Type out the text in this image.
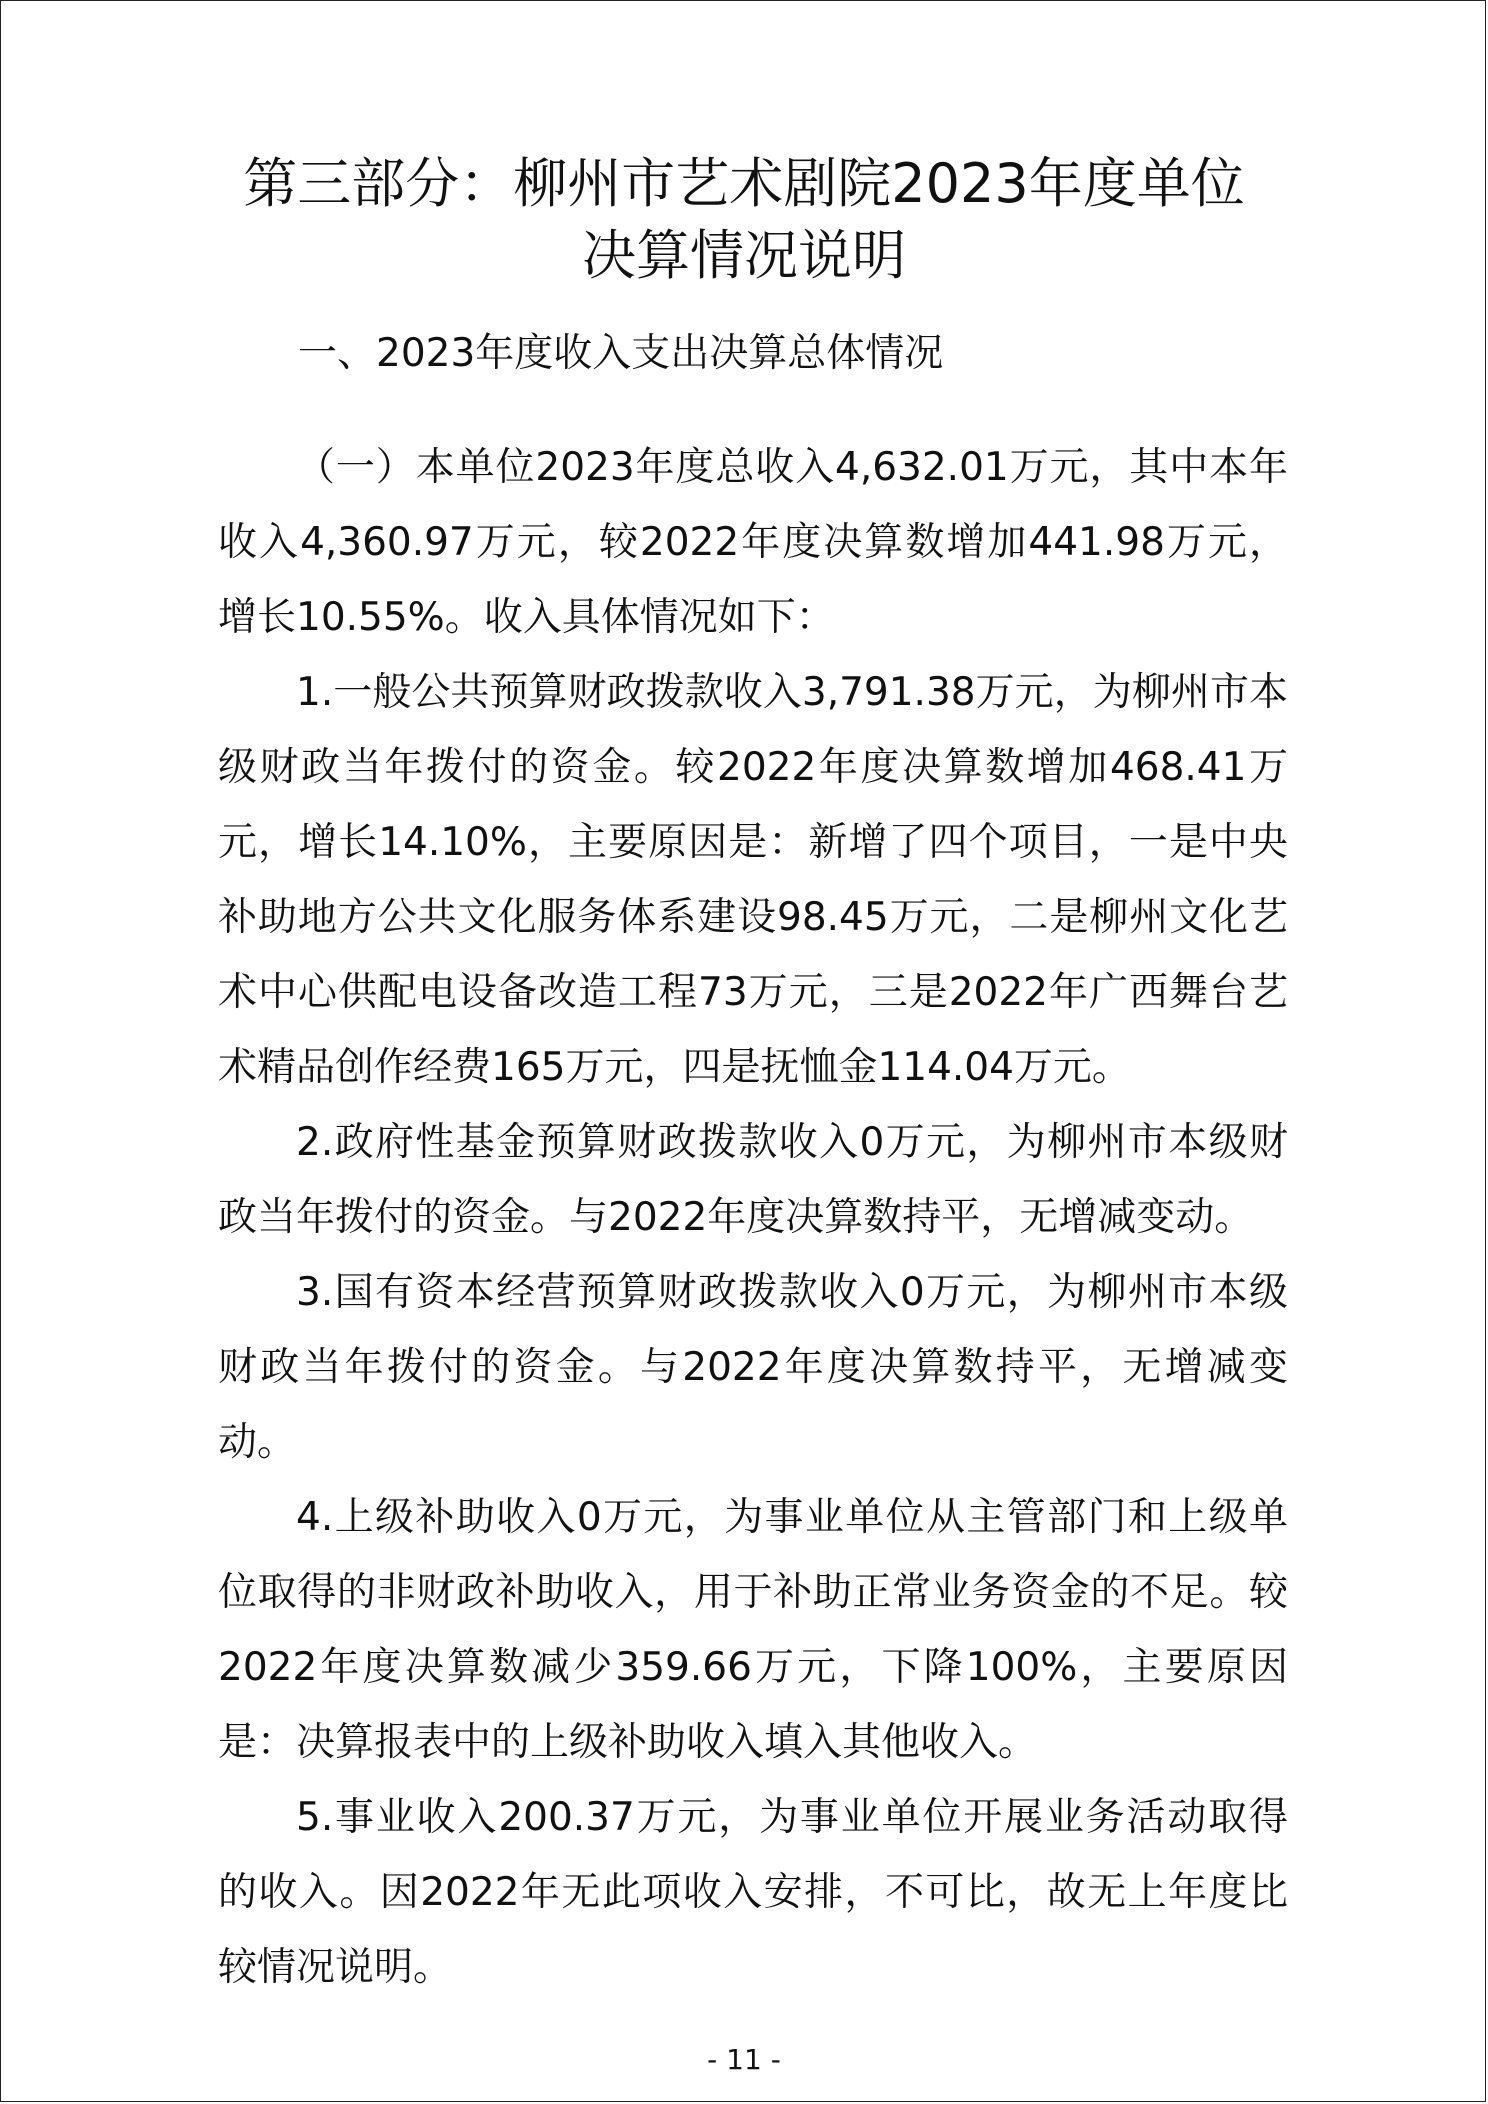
第三部分：柳州市艺术剧院2023年度单位决算情况说明
一、2023年度收入支出决算总体情况

（一）本单位2023年度总收入4,632.01万元，其中本年收入4,360.97万元，较2022年度决算数增加441.98万元，增长10.55%。收入具体情况如下：

1.一般公共预算财政拨款收入3,791.38万元，为柳州市本级财政当年拨付的资金。较2022年度决算数增加468.41万元，增长14.10%，主要原因是：新增了四个项目，一是中央补助地方公共文化服务体系建设98.45万元，二是柳州文化艺术中心供配电设备改造工程73万元，三是2022年广西舞台艺术精品创作经费165万元，四是抚恤金114.04万元。

2.政府性基金预算财政拨款收入0万元，为柳州市本级财政当年拨付的资金。与2022年度决算数持平，无增减变动。

3.国有资本经营预算财政拨款收入0万元，为柳州市本级财政当年拨付的资金。与2022年度决算数持平，无增减变动。

4.上级补助收入0万元，为事业单位从主管部门和上级单位取得的非财政补助收入，用于补助正常业务资金的不足。较2022年度决算数减少359.66万元，下降100%，主要原因是：决算报表中的上级补助收入填入其他收入。

5.事业收入200.37万元，为事业单位开展业务活动取得的收入。因2022年无此项收入安排，不可比，故无上年度比较情况说明。

- 11 -
